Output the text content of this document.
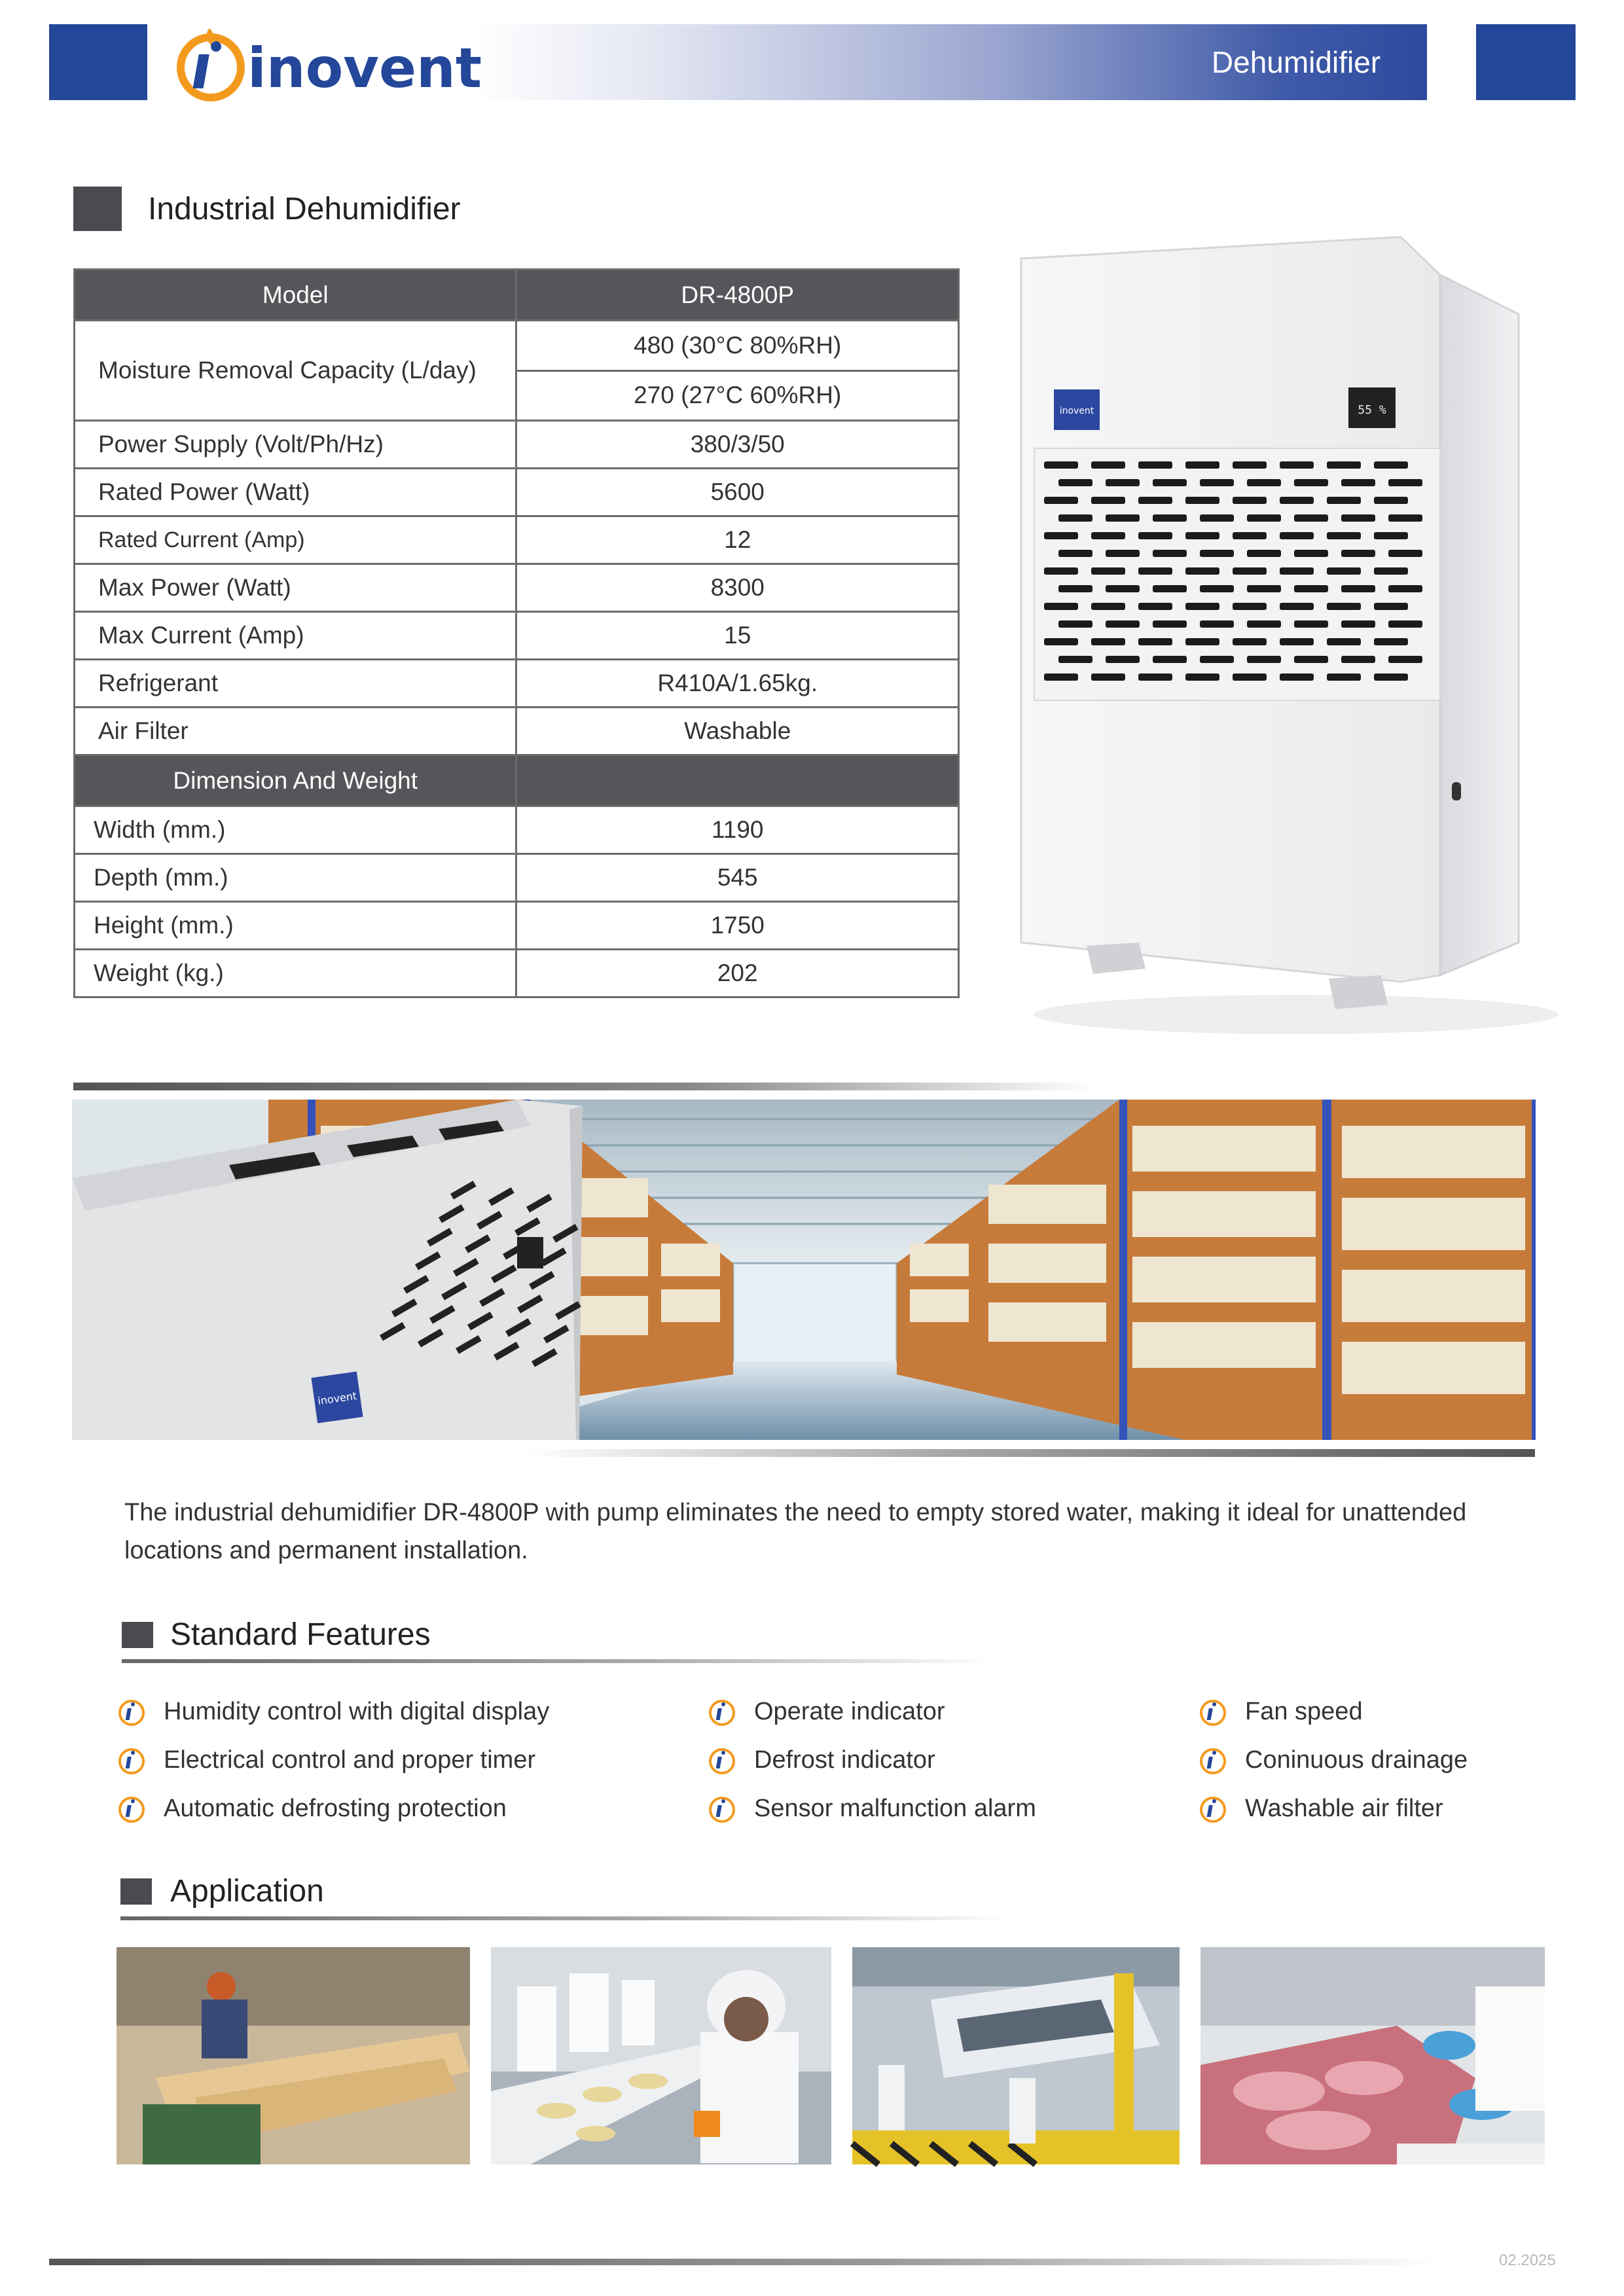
Dehumidifier
inovent
Industrial Dehumidifier
Model	DR-4800P
Moisture Removal Capacity (L/day)	480 (30°C 80%RH)
	270 (27°C 60%RH)
Power Supply (Volt/Ph/Hz)	380/3/50
Rated Power (Watt)	5600
Rated Current (Amp)	12
Max Power (Watt)	8300
Max Current (Amp)	15
Refrigerant	R410A/1.65kg.
Air Filter	Washable
Dimension And Weight	
Width (mm.)	1190
Depth (mm.)	545
Height (mm.)	1750
Weight (kg.)	202
inovent	55 %
inovent
The industrial dehumidifier DR-4800P with pump eliminates the need to empty stored water, making it ideal for unattended locations and permanent installation.
Standard Features
Humidity control with digital display
Electrical control and proper timer
Automatic defrosting protection
Operate indicator
Defrost indicator
Sensor malfunction alarm
Fan speed
Coninuous drainage
Washable air filter
Application
02.2025
